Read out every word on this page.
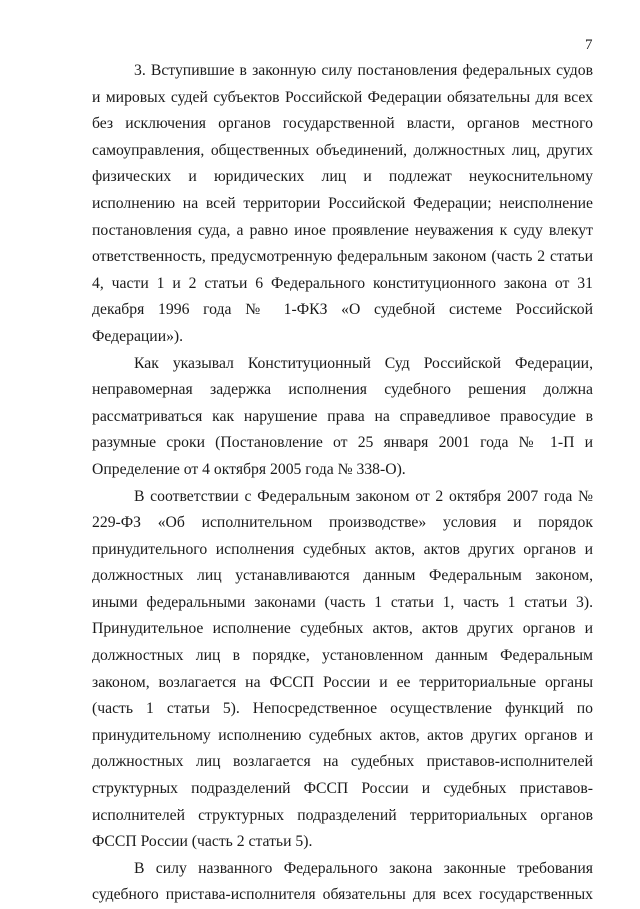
7

3. Вступившие в законную силу постановления федеральных судов и мировых судей субъектов Российской Федерации обязательны для всех без исключения органов государственной власти, органов местного самоуправления, общественных объединений, должностных лиц, других физических и юридических лиц и подлежат неукоснительному исполнению на всей территории Российской Федерации; неисполнение постановления суда, а равно иное проявление неуважения к суду влекут ответственность, предусмотренную федеральным законом (часть 2 статьи 4, части 1 и 2 статьи 6 Федерального конституционного закона от 31 декабря 1996 года № 1-ФКЗ «О судебной системе Российской Федерации»).

Как указывал Конституционный Суд Российской Федерации, неправомерная задержка исполнения судебного решения должна рассматриваться как нарушение права на справедливое правосудие в разумные сроки (Постановление от 25 января 2001 года № 1-П и Определение от 4 октября 2005 года № 338-О).

В соответствии с Федеральным законом от 2 октября 2007 года № 229-ФЗ «Об исполнительном производстве» условия и порядок принудительного исполнения судебных актов, актов других органов и должностных лиц устанавливаются данным Федеральным законом, иными федеральными законами (часть 1 статьи 1, часть 1 статьи 3). Принудительное исполнение судебных актов, актов других органов и должностных лиц в порядке, установленном данным Федеральным законом, возлагается на ФССП России и ее территориальные органы (часть 1 статьи 5). Непосредственное осуществление функций по принудительному исполнению судебных актов, актов других органов и должностных лиц возлагается на судебных приставов-исполнителей структурных подразделений ФССП России и судебных приставов-исполнителей структурных подразделений территориальных органов ФССП России (часть 2 статьи 5).

В силу названного Федерального закона законные требования судебного пристава-исполнителя обязательны для всех государственных
